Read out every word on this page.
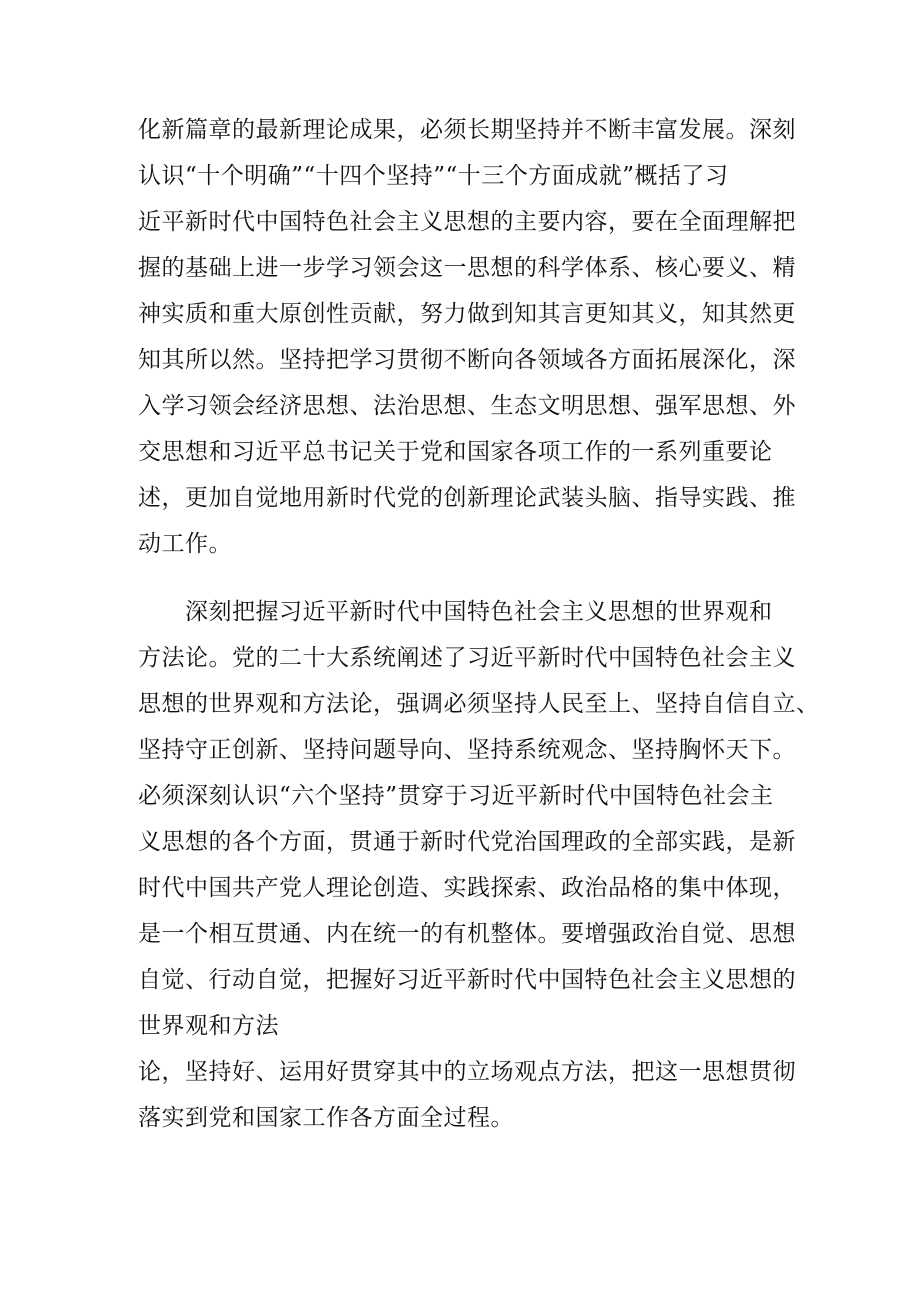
化新篇章的最新理论成果，必须长期坚持并不断丰富发展。深刻
认识“十个明确”“十四个坚持”“十三个方面成就”概括了习
近平新时代中国特色社会主义思想的主要内容，要在全面理解把
握的基础上进一步学习领会这一思想的科学体系、核心要义、精
神实质和重大原创性贡献，努力做到知其言更知其义，知其然更
知其所以然。坚持把学习贯彻不断向各领域各方面拓展深化，深
入学习领会经济思想、法治思想、生态文明思想、强军思想、外
交思想和习近平总书记关于党和国家各项工作的一系列重要论
述，更加自觉地用新时代党的创新理论武装头脑、指导实践、推
动工作。
　　深刻把握习近平新时代中国特色社会主义思想的世界观和
方法论。党的二十大系统阐述了习近平新时代中国特色社会主义
思想的世界观和方法论，强调必须坚持人民至上、坚持自信自立、
坚持守正创新、坚持问题导向、坚持系统观念、坚持胸怀天下。
必须深刻认识“六个坚持”贯穿于习近平新时代中国特色社会主
义思想的各个方面，贯通于新时代党治国理政的全部实践，是新
时代中国共产党人理论创造、实践探索、政治品格的集中体现，
是一个相互贯通、内在统一的有机整体。要增强政治自觉、思想
自觉、行动自觉，把握好习近平新时代中国特色社会主义思想的
世界观和方法
论，坚持好、运用好贯穿其中的立场观点方法，把这一思想贯彻
落实到党和国家工作各方面全过程。
